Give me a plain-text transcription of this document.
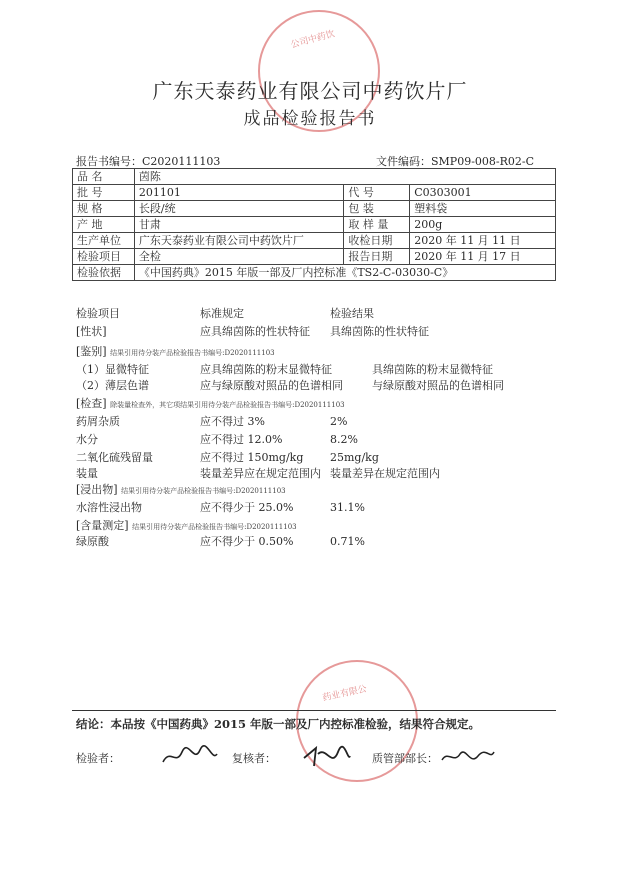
公司中药饮
药业有限公
广东天泰药业有限公司中药饮片厂
成品检验报告书
报告书编号：C2020111103	文件编码：SMP09-008-R02-C
品 名	茵陈		
批 号	201101	代 号	C0303001
规 格	长段/统	包 装	塑料袋
产 地	甘肃	取 样 量	200g
生产单位	广东天泰药业有限公司中药饮片厂	收检日期	2020 年 11 月 11 日
检验项目	全检	报告日期	2020 年 11 月 17 日
检验依据	《中国药典》2015 年版一部及厂内控标准《TS2-C-03030-C》		
检验项目	标准规定	检验结果
[性状]	应具绵茵陈的性状特征 具绵茵陈的性状特征
[鉴别] 结果引用待分装产品检验报告书编号:D2020111103
（1）显微特征	应具绵茵陈的粉末显微特征	具绵茵陈的粉末显微特征
（2）薄层色谱	应与绿原酸对照品的色谱相同	与绿原酸对照品的色谱相同
[检查] 除装量检查外，其它项结果引用待分装产品检验报告书编号:D2020111103
药屑杂质	应不得过 3%	2%
水分	应不得过 12.0%	8.2%
二氧化硫残留量	应不得过 150mg/kg 25mg/kg
装量	装量差异应在规定范围内 装量差异在规定范围内
[浸出物] 结果引用待分装产品检验报告书编号:D2020111103
水溶性浸出物	应不得少于 25.0%	31.1%
[含量测定] 结果引用待分装产品检验报告书编号:D2020111103
绿原酸	应不得少于 0.50%	0.71%
结论：本品按《中国药典》2015 年版一部及厂内控标准检验，结果符合规定。
检验者：	复核者：	质管部部长：
